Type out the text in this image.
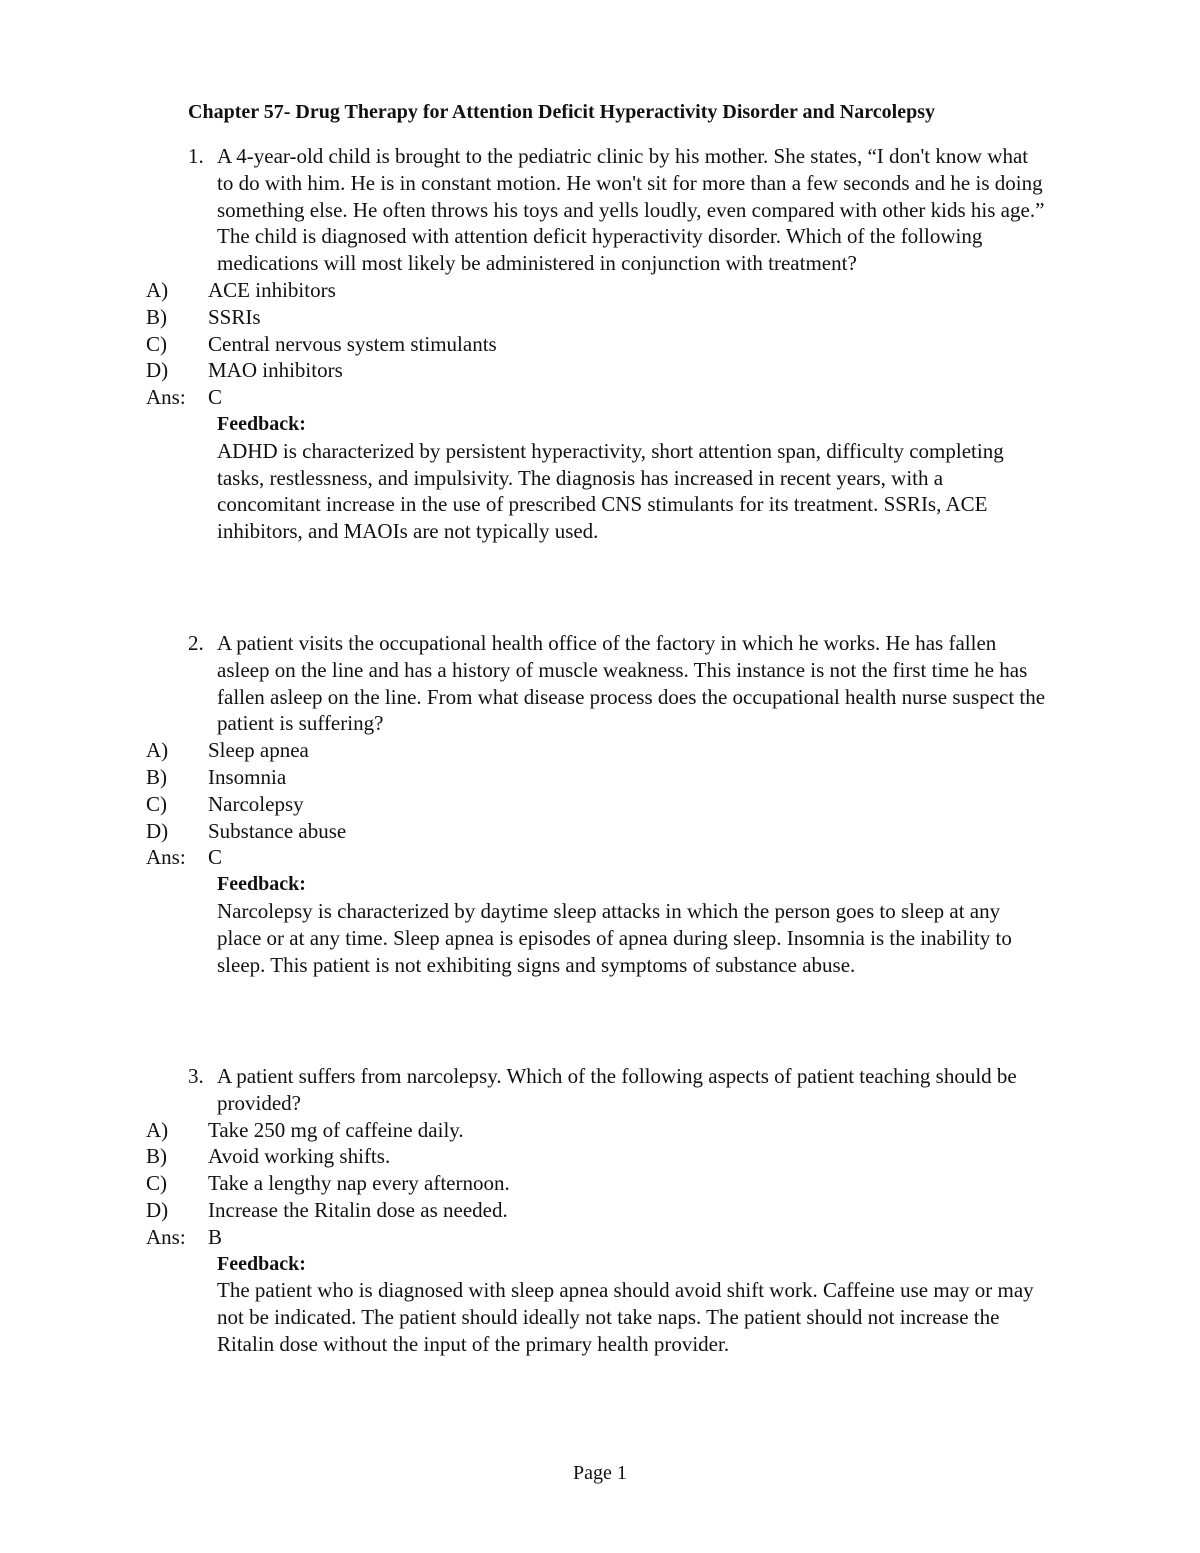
Chapter 57- Drug Therapy for Attention Deficit Hyperactivity Disorder and Narcolepsy
1. A 4-year-old child is brought to the pediatric clinic by his mother. She states, “I don't know what to do with him. He is in constant motion. He won't sit for more than a few seconds and he is doing something else. He often throws his toys and yells loudly, even compared with other kids his age.” The child is diagnosed with attention deficit hyperactivity disorder. Which of the following medications will most likely be administered in conjunction with treatment?
A) ACE inhibitors
B) SSRIs
C) Central nervous system stimulants
D) MAO inhibitors
Ans: C
Feedback:
ADHD is characterized by persistent hyperactivity, short attention span, difficulty completing tasks, restlessness, and impulsivity. The diagnosis has increased in recent years, with a concomitant increase in the use of prescribed CNS stimulants for its treatment. SSRIs, ACE inhibitors, and MAOIs are not typically used.
2. A patient visits the occupational health office of the factory in which he works. He has fallen asleep on the line and has a history of muscle weakness. This instance is not the first time he has fallen asleep on the line. From what disease process does the occupational health nurse suspect the patient is suffering?
A) Sleep apnea
B) Insomnia
C) Narcolepsy
D) Substance abuse
Ans: C
Feedback:
Narcolepsy is characterized by daytime sleep attacks in which the person goes to sleep at any place or at any time. Sleep apnea is episodes of apnea during sleep. Insomnia is the inability to sleep. This patient is not exhibiting signs and symptoms of substance abuse.
3. A patient suffers from narcolepsy. Which of the following aspects of patient teaching should be provided?
A) Take 250 mg of caffeine daily.
B) Avoid working shifts.
C) Take a lengthy nap every afternoon.
D) Increase the Ritalin dose as needed.
Ans: B
Feedback:
The patient who is diagnosed with sleep apnea should avoid shift work. Caffeine use may or may not be indicated. The patient should ideally not take naps. The patient should not increase the Ritalin dose without the input of the primary health provider.
Page 1
